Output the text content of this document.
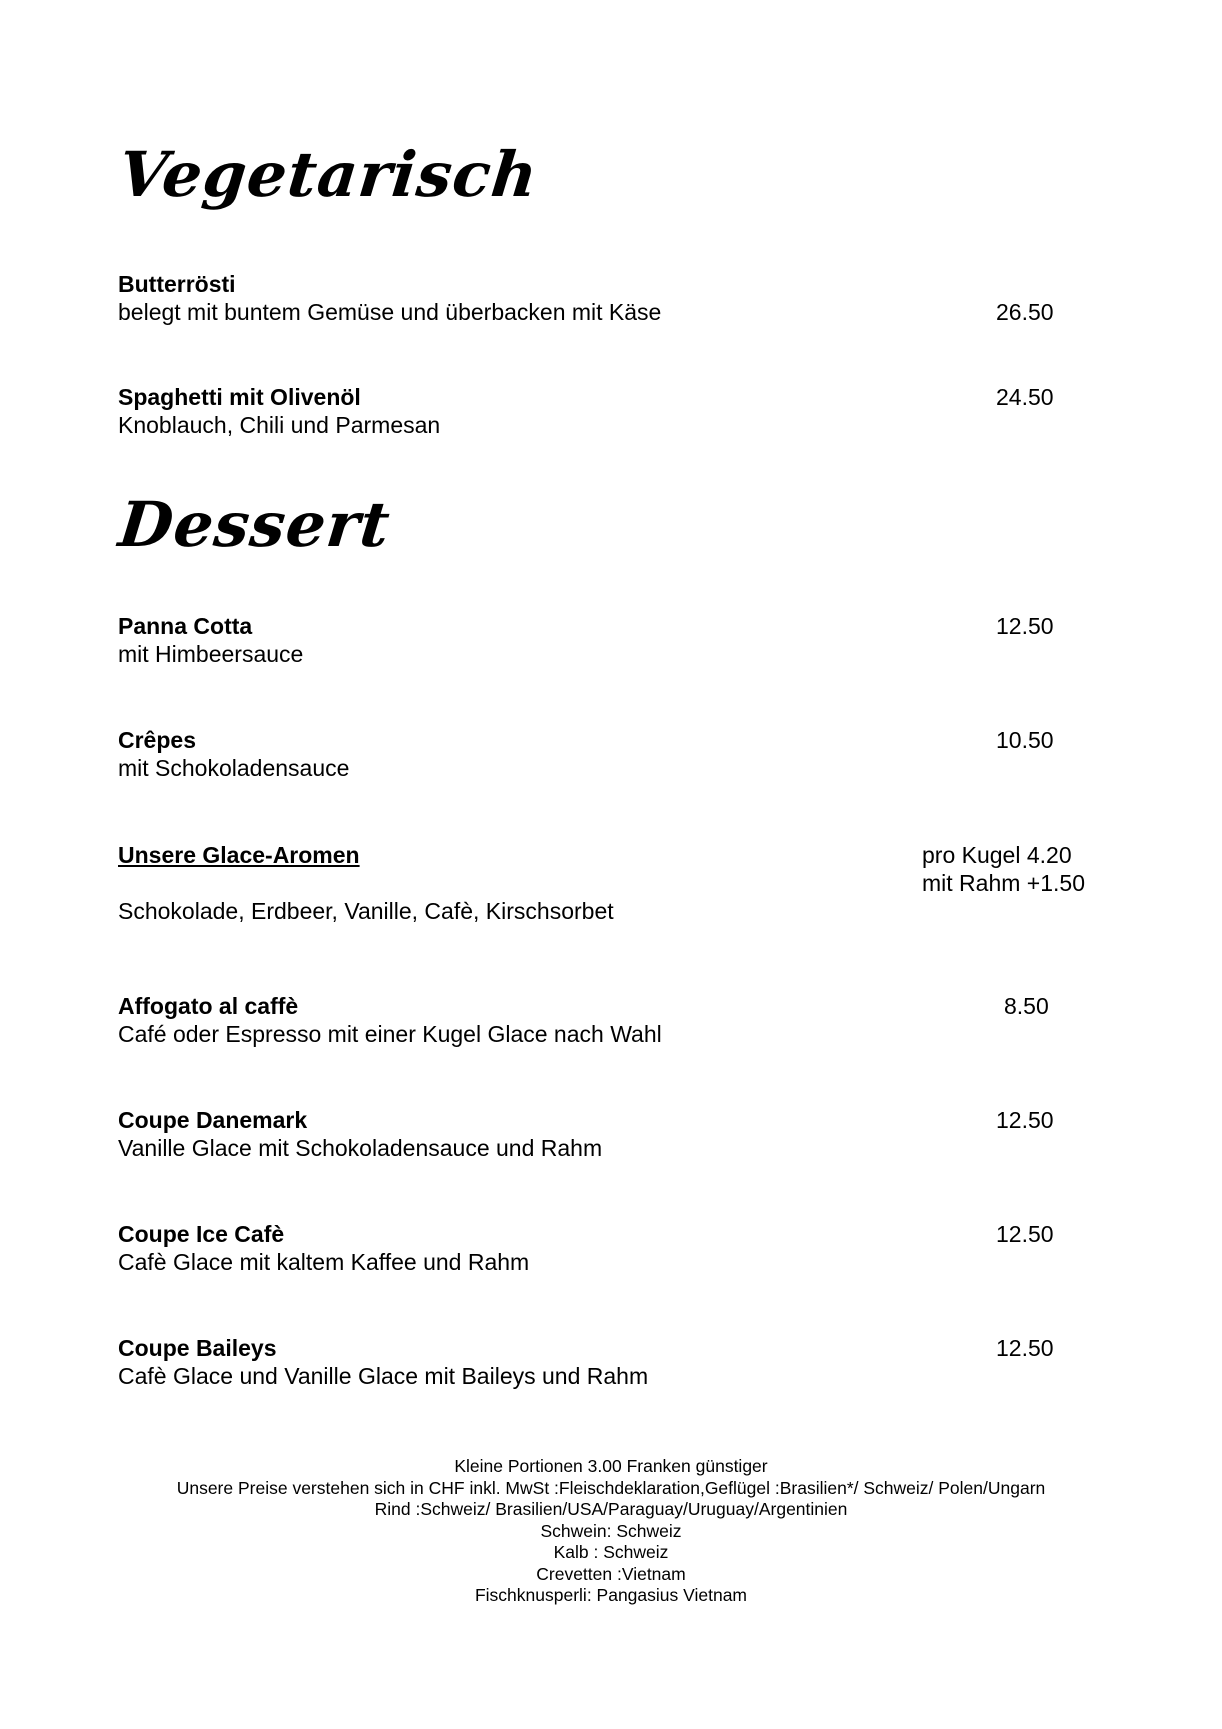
Vegetarisch
Butterrösti
belegt mit buntem Gemüse und überbacken mit Käse	26.50
Spaghetti mit Olivenöl
Knoblauch, Chili und Parmesan
24.50
Dessert
Panna Cotta
mit Himbeersauce
12.50
Crêpes
mit Schokoladensauce
10.50
Unsere Glace-Aromen	pro Kugel 4.20
mit Rahm +1.50
Schokolade, Erdbeer, Vanille, Cafè, Kirschsorbet
Affogato al caffè
Café oder Espresso mit einer Kugel Glace nach Wahl
8.50
Coupe Danemark
Vanille Glace mit Schokoladensauce und Rahm
12.50
Coupe Ice Cafè
Cafè Glace mit kaltem Kaffee und Rahm
12.50
Coupe Baileys
Cafè Glace und Vanille Glace mit Baileys und Rahm
12.50
Kleine Portionen 3.00 Franken günstiger
Unsere Preise verstehen sich in CHF inkl. MwSt :Fleischdeklaration,Geflügel :Brasilien*/ Schweiz/ Polen/Ungarn
Rind :Schweiz/ Brasilien/USA/Paraguay/Uruguay/Argentinien
Schwein: Schweiz
Kalb : Schweiz
Crevetten :Vietnam
Fischknusperli: Pangasius Vietnam
